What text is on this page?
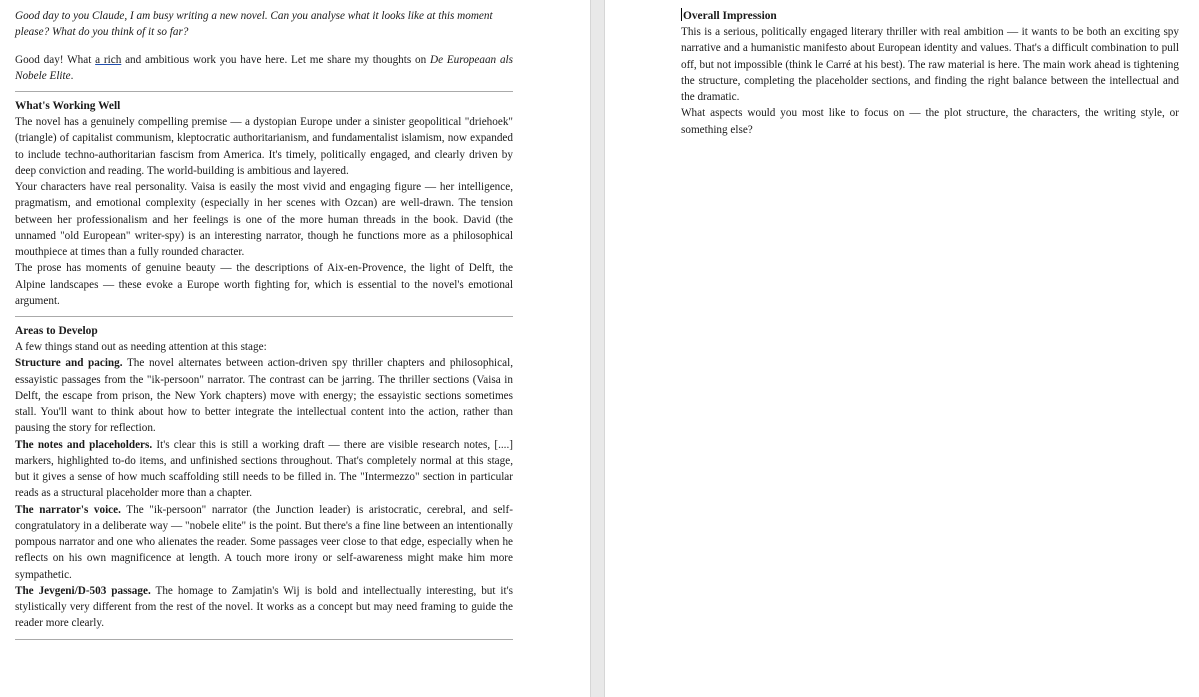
Good day to you Claude, I am busy writing a new novel. Can you analyse what it looks like at this moment please? What do you think of it so far?

Good day! What a rich and ambitious work you have here. Let me share my thoughts on De Europeaan als Nobele Elite.

What's Working Well

The novel has a genuinely compelling premise — a dystopian Europe under a sinister geopolitical "driehoek" (triangle) of capitalist communism, kleptocratic authoritarianism, and fundamentalist islamism, now expanded to include techno-authoritarian fascism from America. It's timely, politically engaged, and clearly driven by deep conviction and reading. The world-building is ambitious and layered.

Your characters have real personality. Vaisa is easily the most vivid and engaging figure — her intelligence, pragmatism, and emotional complexity (especially in her scenes with Ozcan) are well-drawn. The tension between her professionalism and her feelings is one of the more human threads in the book. David (the unnamed "old European" writer-spy) is an interesting narrator, though he functions more as a philosophical mouthpiece at times than a fully rounded character.

The prose has moments of genuine beauty — the descriptions of Aix-en-Provence, the light of Delft, the Alpine landscapes — these evoke a Europe worth fighting for, which is essential to the novel's emotional argument.

Areas to Develop

A few things stand out as needing attention at this stage:

Structure and pacing. The novel alternates between action-driven spy thriller chapters and philosophical, essayistic passages from the "ik-persoon" narrator. The contrast can be jarring. The thriller sections (Vaisa in Delft, the escape from prison, the New York chapters) move with energy; the essayistic sections sometimes stall. You'll want to think about how to better integrate the intellectual content into the action, rather than pausing the story for reflection.

The notes and placeholders. It's clear this is still a working draft — there are visible research notes, [....] markers, highlighted to-do items, and unfinished sections throughout. That's completely normal at this stage, but it gives a sense of how much scaffolding still needs to be filled in. The "Intermezzo" section in particular reads as a structural placeholder more than a chapter.

The narrator's voice. The "ik-persoon" narrator (the Junction leader) is aristocratic, cerebral, and self-congratulatory in a deliberate way — "nobele elite" is the point. But there's a fine line between an intentionally pompous narrator and one who alienates the reader. Some passages veer close to that edge, especially when he reflects on his own magnificence at length. A touch more irony or self-awareness might make him more sympathetic.

The Jevgeni/D-503 passage. The homage to Zamjatin's Wij is bold and intellectually interesting, but it's stylistically very different from the rest of the novel. It works as a concept but may need framing to guide the reader more clearly.

Overall Impression

This is a serious, politically engaged literary thriller with real ambition — it wants to be both an exciting spy narrative and a humanistic manifesto about European identity and values. That's a difficult combination to pull off, but not impossible (think le Carré at his best). The raw material is here. The main work ahead is tightening the structure, completing the placeholder sections, and finding the right balance between the intellectual and the dramatic.

What aspects would you most like to focus on — the plot structure, the characters, the writing style, or something else?
